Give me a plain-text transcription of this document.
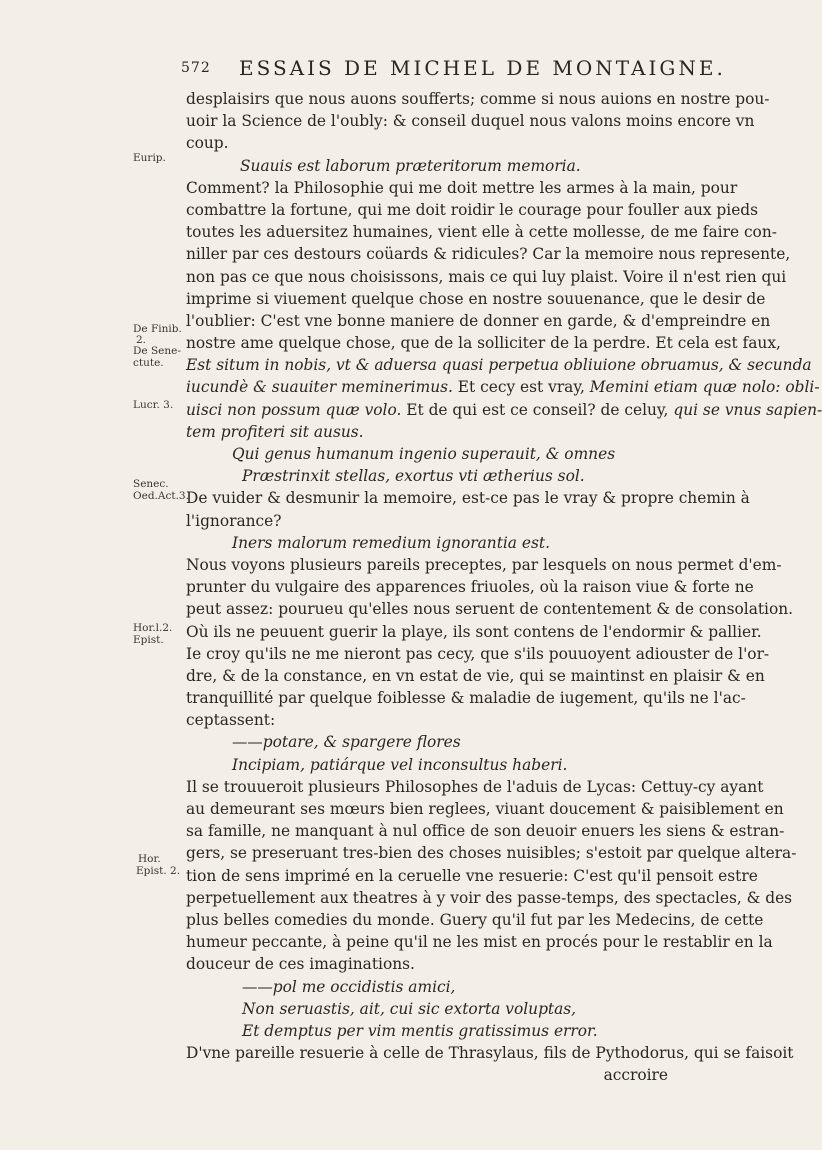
572 ESSAIS DE MICHEL DE MONTAIGNE.
desplaisirs que nous auons soufferts; comme si nous auions en nostre pou-
uoir la Science de l'oubly: & conseil duquel nous valons moins encore vn
coup.
Suauis est laborum præteritorum memoria.
Comment? la Philosophie qui me doit mettre les armes à la main, pour
combattre la fortune, qui me doit roidir le courage pour fouller aux pieds
toutes les aduersitez humaines, vient elle à cette mollesse, de me faire con-
niller par ces destours coüards & ridicules? Car la memoire nous represente,
non pas ce que nous choisissons, mais ce qui luy plaist. Voire il n'est rien qui
imprime si viuement quelque chose en nostre souuenance, que le desir de
l'oublier: C'est vne bonne maniere de donner en garde, & d'empreindre en
nostre ame quelque chose, que de la solliciter de la perdre. Et cela est faux,
Est situm in nobis, vt & aduersa quasi perpetua obliuione obruamus, & secunda
iucundè & suauiter meminerimus. Et cecy est vray, Memini etiam quæ nolo: obli-
uisci non possum quæ volo. Et de qui est ce conseil? de celuy, qui se vnus sapien-
tem profiteri sit ausus.
Qui genus humanum ingenio superauit, & omnes
Præstrinxit stellas, exortus vti ætherius sol.
De vuider & desmunir la memoire, est-ce pas le vray & propre chemin à
l'ignorance?
Iners malorum remedium ignorantia est.
Nous voyons plusieurs pareils preceptes, par lesquels on nous permet d'em-
prunter du vulgaire des apparences friuoles, où la raison viue & forte ne
peut assez: pourueu qu'elles nous seruent de contentement & de consolation.
Où ils ne peuuent guerir la playe, ils sont contens de l'endormir & pallier.
Ie croy qu'ils ne me nieront pas cecy, que s'ils pouuoyent adiouster de l'or-
dre, & de la constance, en vn estat de vie, qui se maintinst en plaisir & en
tranquillité par quelque foiblesse & maladie de iugement, qu'ils ne l'ac-
ceptassent:
——potare, & spargere flores
Incipiam, patiárque vel inconsultus haberi.
Il se trouueroit plusieurs Philosophes de l'aduis de Lycas: Cettuy-cy ayant
au demeurant ses mœurs bien reglees, viuant doucement & paisiblement en
sa famille, ne manquant à nul office de son deuoir enuers les siens & estran-
gers, se preseruant tres-bien des choses nuisibles; s'estoit par quelque altera-
tion de sens imprimé en la ceruelle vne resuerie: C'est qu'il pensoit estre
perpetuellement aux theatres à y voir des passe-temps, des spectacles, & des
plus belles comedies du monde. Guery qu'il fut par les Medecins, de cette
humeur peccante, à peine qu'il ne les mist en procés pour le restablir en la
douceur de ces imaginations.
——pol me occidistis amici,
Non seruastis, ait, cui sic extorta voluptas,
Et demptus per vim mentis gratissimus error.
D'vne pareille resuerie à celle de Thrasylaus, fils de Pythodorus, qui se faisoit
accroire
Eurip.
De Finib.
2.
De Sene-
ctute.
Lucr. 3.
Senec.
Oed.Act.3.
Hor.l.2.
Epist.
Hor.
Epist. 2.
